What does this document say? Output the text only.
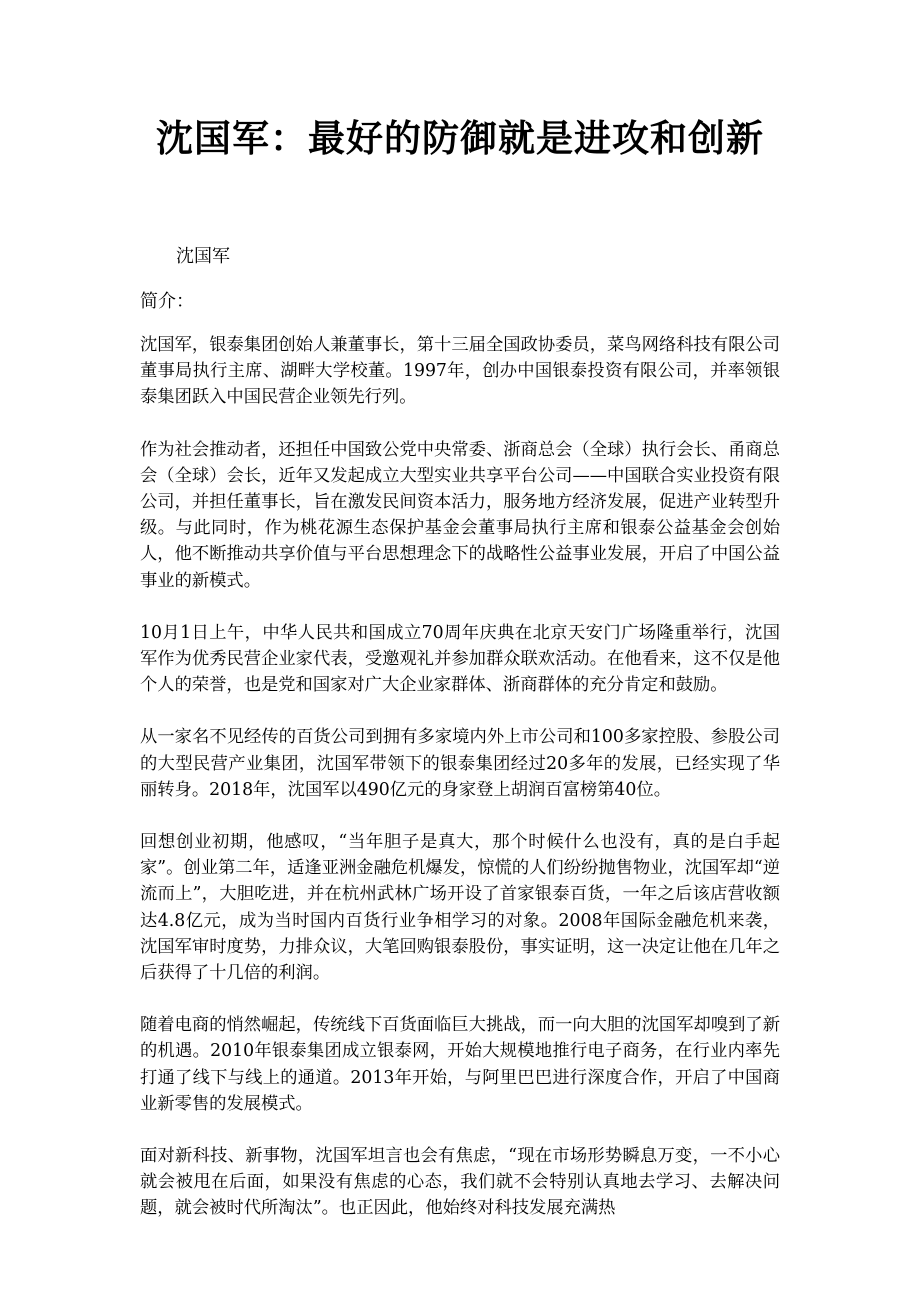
沈国军：最好的防御就是进攻和创新
沈国军
简介：

沈国军，银泰集团创始人兼董事长，第十三届全国政协委员，菜鸟网络科技有限公司董事局执行主席、湖畔大学校董。1997年，创办中国银泰投资有限公司，并率领银泰集团跃入中国民营企业领先行列。

作为社会推动者，还担任中国致公党中央常委、浙商总会（全球）执行会长、甬商总会（全球）会长，近年又发起成立大型实业共享平台公司——中国联合实业投资有限公司，并担任董事长，旨在激发民间资本活力，服务地方经济发展，促进产业转型升级。与此同时，作为桃花源生态保护基金会董事局执行主席和银泰公益基金会创始人，他不断推动共享价值与平台思想理念下的战略性公益事业发展，开启了中国公益事业的新模式。

10月1日上午，中华人民共和国成立70周年庆典在北京天安门广场隆重举行，沈国军作为优秀民营企业家代表，受邀观礼并参加群众联欢活动。在他看来，这不仅是他个人的荣誉，也是党和国家对广大企业家群体、浙商群体的充分肯定和鼓励。

从一家名不见经传的百货公司到拥有多家境内外上市公司和100多家控股、参股公司的大型民营产业集团，沈国军带领下的银泰集团经过20多年的发展，已经实现了华丽转身。2018年，沈国军以490亿元的身家登上胡润百富榜第40位。

回想创业初期，他感叹，“当年胆子是真大，那个时候什么也没有，真的是白手起家”。创业第二年，适逢亚洲金融危机爆发，惊慌的人们纷纷抛售物业，沈国军却“逆流而上”，大胆吃进，并在杭州武林广场开设了首家银泰百货，一年之后该店营收额达4.8亿元，成为当时国内百货行业争相学习的对象。2008年国际金融危机来袭，沈国军审时度势，力排众议，大笔回购银泰股份，事实证明，这一决定让他在几年之后获得了十几倍的利润。

随着电商的悄然崛起，传统线下百货面临巨大挑战，而一向大胆的沈国军却嗅到了新的机遇。2010年银泰集团成立银泰网，开始大规模地推行电子商务，在行业内率先打通了线下与线上的通道。2013年开始，与阿里巴巴进行深度合作，开启了中国商业新零售的发展模式。

面对新科技、新事物，沈国军坦言也会有焦虑，“现在市场形势瞬息万变，一不小心就会被甩在后面，如果没有焦虑的心态，我们就不会特别认真地去学习、去解决问题，就会被时代所淘汰”。也正因此，他始终对科技发展充满热
